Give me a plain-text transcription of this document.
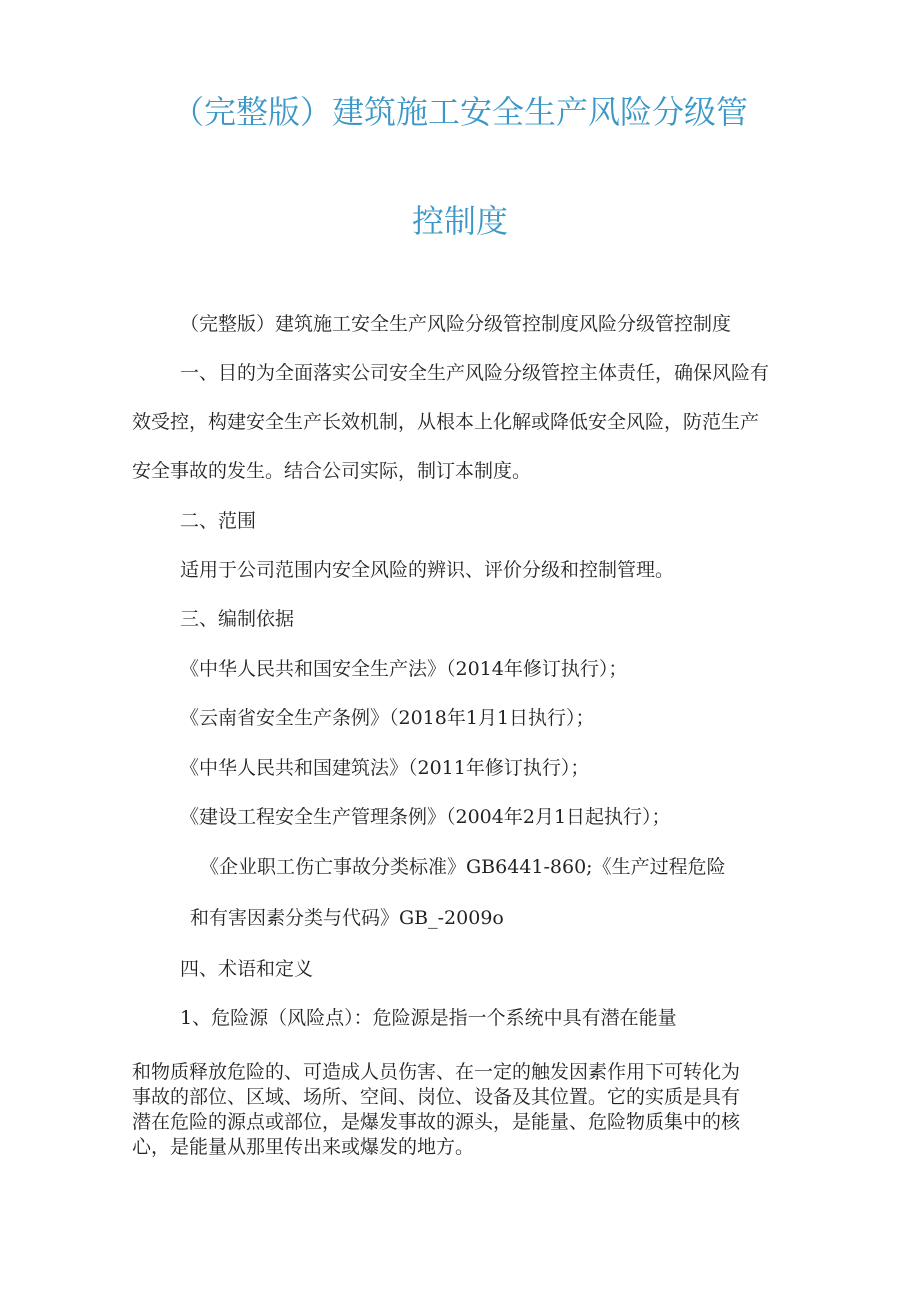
（完整版）建筑施工安全生产风险分级管
控制度

（完整版）建筑施工安全生产风险分级管控制度风险分级管控制度

一、目的为全面落实公司安全生产风险分级管控主体责任，确保风险有

效受控，构建安全生产长效机制，从根本上化解或降低安全风险，防范生产

安全事故的发生。结合公司实际，制订本制度。

二、范围

适用于公司范围内安全风险的辨识、评价分级和控制管理。

三、编制依据

《中华人民共和国安全生产法》（2014年修订执行）；

《云南省安全生产条例》（2018年1月1日执行）；

《中华人民共和国建筑法》（2011年修订执行）；

《建设工程安全生产管理条例》（2004年2月1日起执行）；

《企业职工伤亡事故分类标准》GB6441-860;《生产过程危险

和有害因素分类与代码》GB_-2009o

四、术语和定义

1、危险源（风险点）：危险源是指一个系统中具有潜在能量

和物质释放危险的、可造成人员伤害、在一定的触发因素作用下可转化为

事故的部位、区域、场所、空间、岗位、设备及其位置。它的实质是具有

潜在危险的源点或部位，是爆发事故的源头，是能量、危险物质集中的核

心，是能量从那里传出来或爆发的地方。
